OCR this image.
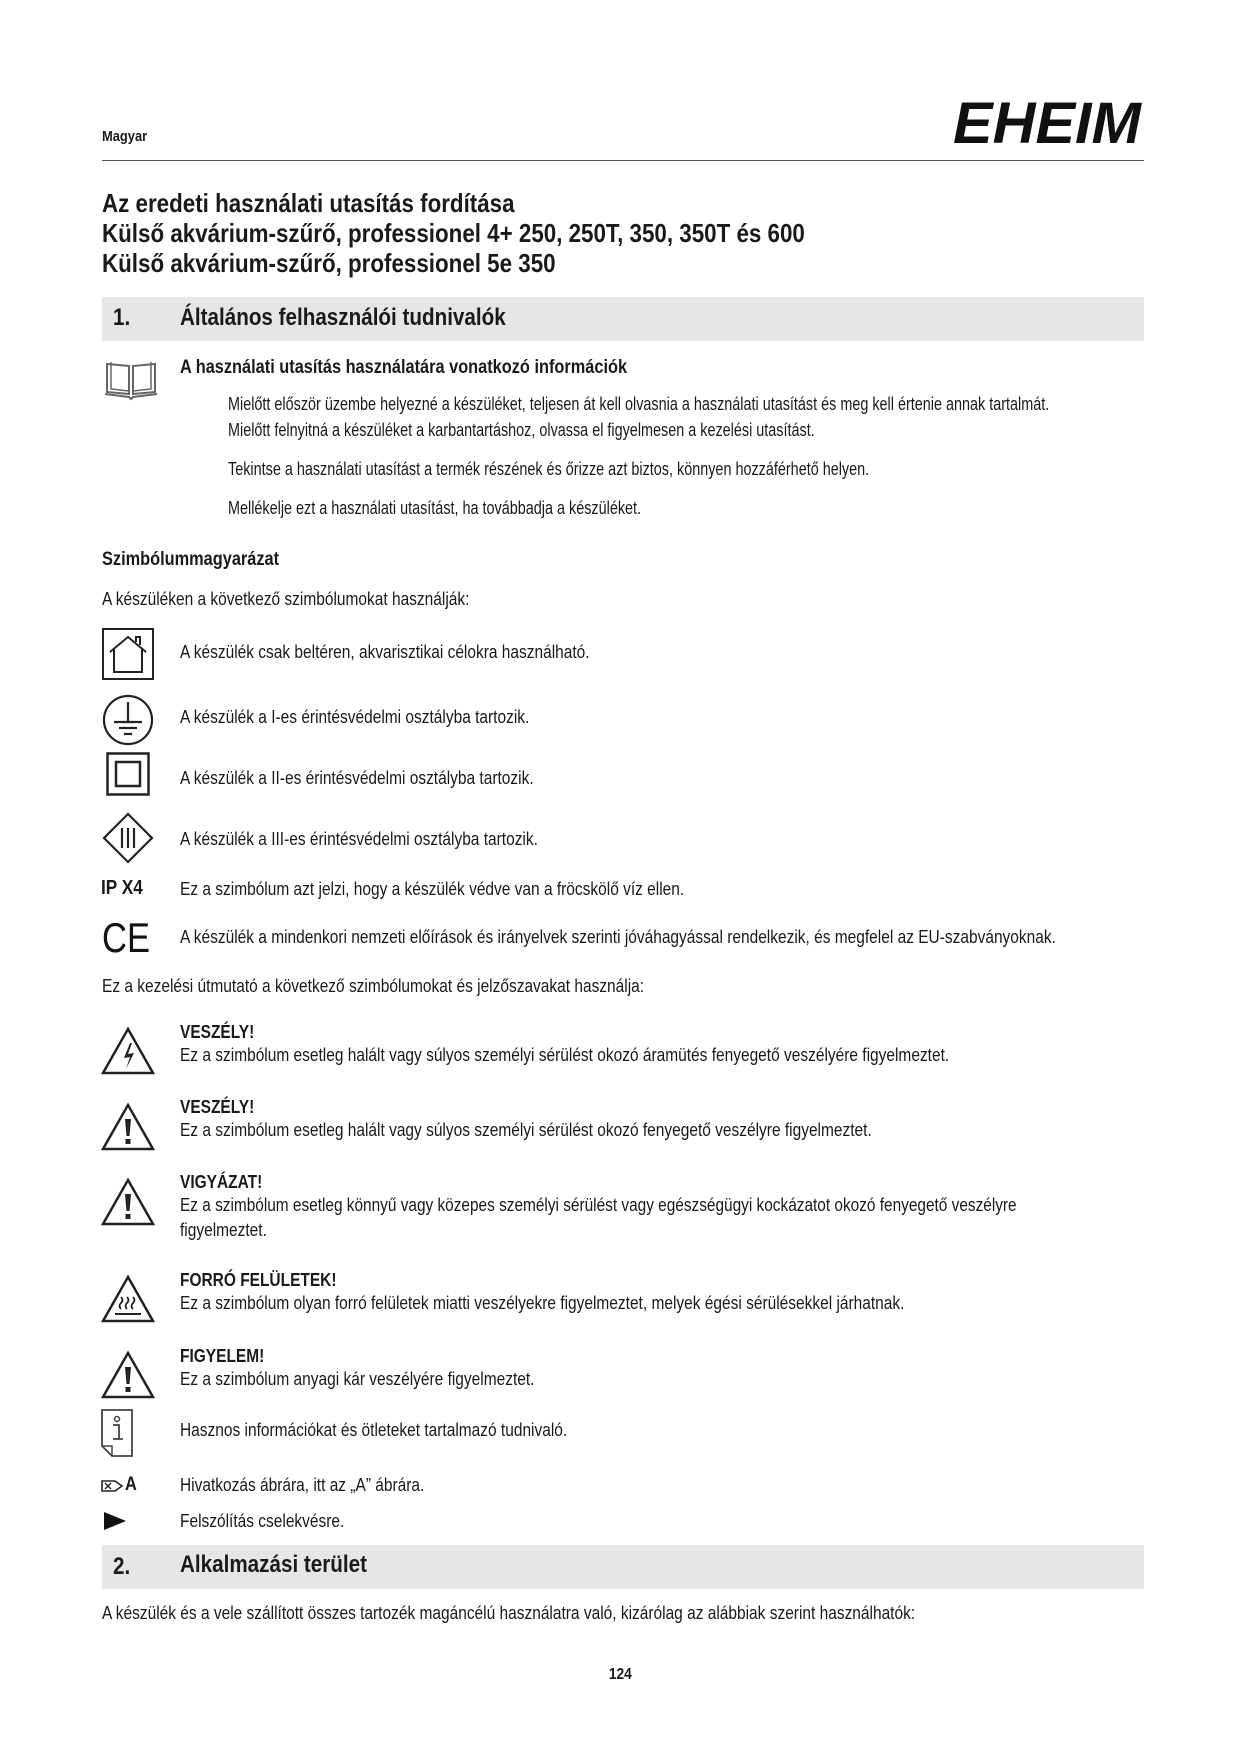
Magyar	EHEIM
Az eredeti használati utasítás fordítása
Külső akvárium-szűrő, professionel 4+ 250, 250T, 350, 350T és 600
Külső akvárium-szűrő, professionel 5e 350
1. Általános felhasználói tudnivalók
A használati utasítás használatára vonatkozó információk
Mielőtt először üzembe helyezné a készüléket, teljesen át kell olvasnia a használati utasítást és meg kell értenie annak tartalmát.
Mielőtt felnyitná a készüléket a karbantartáshoz, olvassa el figyelmesen a kezelési utasítást.
Tekintse a használati utasítást a termék részének és őrizze azt biztos, könnyen hozzáférhető helyen.
Mellékelje ezt a használati utasítást, ha továbbadja a készüléket.
Szimbólummagyarázat
A készüléken a következő szimbólumokat használják:
A készülék csak beltéren, akvarisztikai célokra használható.
A készülék a I-es érintésvédelmi osztályba tartozik.
A készülék a II-es érintésvédelmi osztályba tartozik.
A készülék a III-es érintésvédelmi osztályba tartozik.
IP X4	Ez a szimbólum azt jelzi, hogy a készülék védve van a fröcskölő víz ellen.
CE A készülék a mindenkori nemzeti előírások és irányelvek szerinti jóváhagyással rendelkezik, és megfelel az EU-szabványoknak.
Ez a kezelési útmutató a következő szimbólumokat és jelzőszavakat használja:
VESZÉLY!
Ez a szimbólum esetleg halált vagy súlyos személyi sérülést okozó áramütés fenyegető veszélyére figyelmeztet.
VESZÉLY!
Ez a szimbólum esetleg halált vagy súlyos személyi sérülést okozó fenyegető veszélyre figyelmeztet.
VIGYÁZAT!
Ez a szimbólum esetleg könnyű vagy közepes személyi sérülést vagy egészségügyi kockázatot okozó fenyegető veszélyre
figyelmeztet.
FORRÓ FELÜLETEK!
Ez a szimbólum olyan forró felületek miatti veszélyekre figyelmeztet, melyek égési sérülésekkel járhatnak.
FIGYELEM!
Ez a szimbólum anyagi kár veszélyére figyelmeztet.
Hasznos információkat és ötleteket tartalmazó tudnivaló.
A Hivatkozás ábrára, itt az „A” ábrára.
Felszólítás cselekvésre.
2. Alkalmazási terület
A készülék és a vele szállított összes tartozék magáncélú használatra való, kizárólag az alábbiak szerint használhatók:
124
